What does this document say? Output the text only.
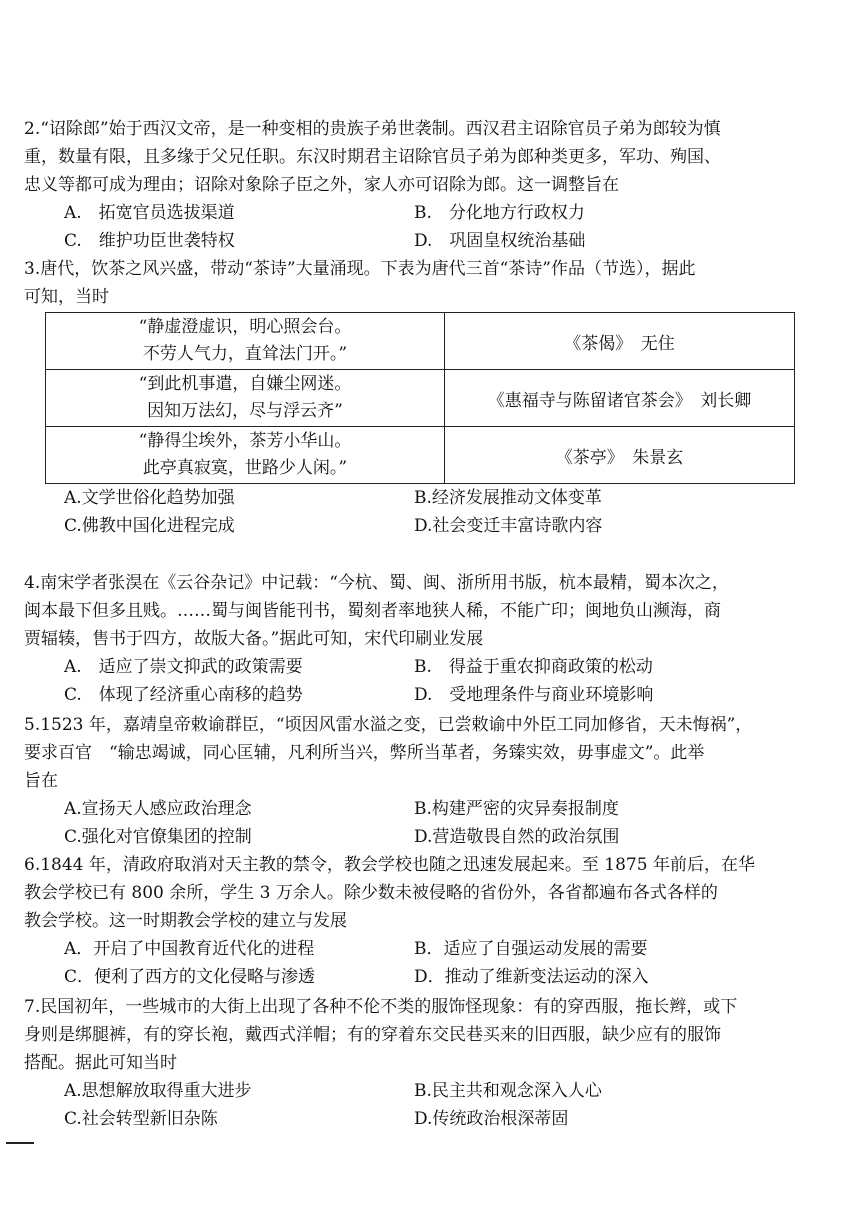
2.“诏除郎”始于西汉文帝，是一种变相的贵族子弟世袭制。西汉君主诏除官员子弟为郎较为慎
重，数量有限，且多缘于父兄任职。东汉时期君主诏除官员子弟为郎种类更多，军功、殉国、
忠义等都可成为理由；诏除对象除子臣之外，家人亦可诏除为郎。这一调整旨在
A.　拓宽官员选拔渠道	B.　分化地方行政权力
C.　维护功臣世袭特权	D.　巩固皇权统治基础
3.唐代，饮茶之风兴盛，带动“茶诗”大量涌现。下表为唐代三首“茶诗”作品（节选），据此
可知，当时
“静虚澄虚识，明心照会台。
不劳人气力，直耸法门开。”	《茶偈》　无住

“到此机事遣，自嫌尘网迷。
因知万法幻，尽与浮云齐”	《惠福寺与陈留诸官茶会》　刘长卿

“静得尘埃外，茶芳小华山。
此亭真寂寞，世路少人闲。”	《茶亭》　朱景玄
A.文学世俗化趋势加强	B.经济发展推动文体变革
C.佛教中国化进程完成	D.社会变迁丰富诗歌内容
4.南宋学者张淏在《云谷杂记》中记载：“今杭、蜀、闽、浙所用书版，杭本最精，蜀本次之，
闽本最下但多且贱。……蜀与闽皆能刊书，蜀刻者率地狭人稀，不能广印；闽地负山濒海，商
贾辐辏，售书于四方，故版大备。”据此可知，宋代印刷业发展
A.　适应了崇文抑武的政策需要	B.　得益于重农抑商政策的松动
C.　体现了经济重心南移的趋势	D.　受地理条件与商业环境影响
5.1523 年，嘉靖皇帝敕谕群臣，“顷因风雷水溢之变，已尝敕谕中外臣工同加修省，天未悔祸”，
要求百官　“输忠竭诚，同心匡辅，凡利所当兴，弊所当革者，务臻实效，毋事虚文”。此举
旨在
A.宣扬天人感应政治理念	B.构建严密的灾异奏报制度
C.强化对官僚集团的控制	D.营造敬畏自然的政治氛围
6.1844 年，清政府取消对天主教的禁令，教会学校也随之迅速发展起来。至 1875 年前后，在华
教会学校已有 800 余所，学生 3 万余人。除少数未被侵略的省份外，各省都遍布各式各样的
教会学校。这一时期教会学校的建立与发展
A．开启了中国教育近代化的进程	B．适应了自强运动发展的需要
C．便利了西方的文化侵略与渗透	D．推动了维新变法运动的深入
7.民国初年，一些城市的大街上出现了各种不伦不类的服饰怪现象：有的穿西服，拖长辫，或下
身则是绑腿裤，有的穿长袍，戴西式洋帽；有的穿着东交民巷买来的旧西服，缺少应有的服饰
搭配。据此可知当时
A.思想解放取得重大进步	B.民主共和观念深入人心
C.社会转型新旧杂陈	D.传统政治根深蒂固
